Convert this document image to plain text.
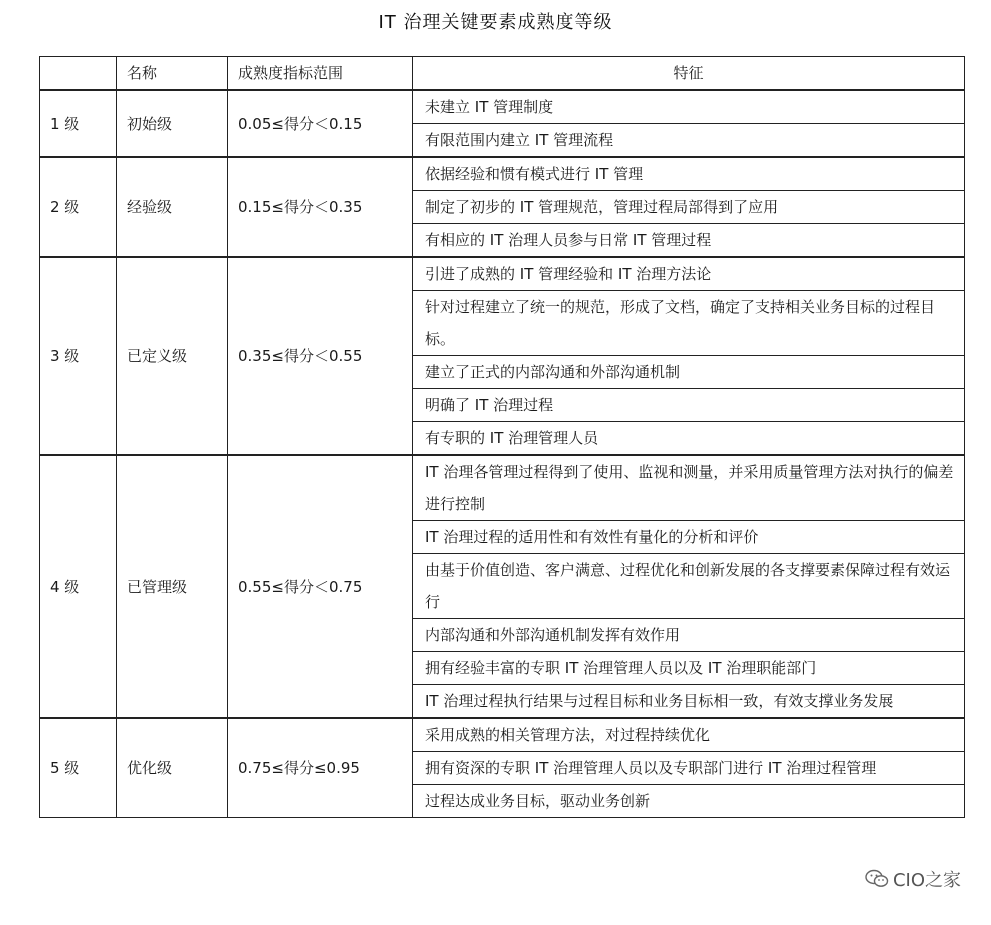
IT 治理关键要素成熟度等级
	名称	成熟度指标范围	特征
1 级	初始级	0.05≤得分＜0.15	未建立 IT 管理制度
			有限范围内建立 IT 管理流程
2 级	经验级	0.15≤得分＜0.35	依据经验和惯有模式进行 IT 管理
			制定了初步的 IT 管理规范，管理过程局部得到了应用
			有相应的 IT 治理人员参与日常 IT 管理过程
3 级	已定义级	0.35≤得分＜0.55	引进了成熟的 IT 管理经验和 IT 治理方法论
			针对过程建立了统一的规范，形成了文档，确定了支持相关业务目标的过程目标。
			建立了正式的内部沟通和外部沟通机制
			明确了 IT 治理过程
			有专职的 IT 治理管理人员
4 级	已管理级	0.55≤得分＜0.75	IT 治理各管理过程得到了使用、监视和测量，并采用质量管理方法对执行的偏差进行控制
			IT 治理过程的适用性和有效性有量化的分析和评价
			由基于价值创造、客户满意、过程优化和创新发展的各支撑要素保障过程有效运行
			内部沟通和外部沟通机制发挥有效作用
			拥有经验丰富的专职 IT 治理管理人员以及 IT 治理职能部门
			IT 治理过程执行结果与过程目标和业务目标相一致，有效支撑业务发展
5 级	优化级	0.75≤得分≤0.95	采用成熟的相关管理方法，对过程持续优化
			拥有资深的专职 IT 治理管理人员以及专职部门进行 IT 治理过程管理
			过程达成业务目标，驱动业务创新
CIO之家
